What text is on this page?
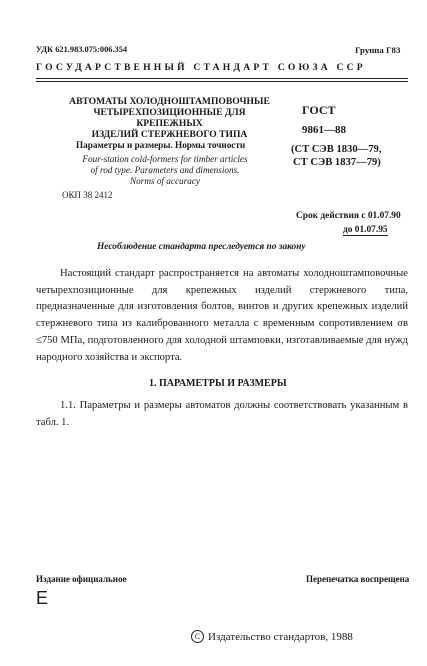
УДК 621.983.075:006.354	Группа Г83
ГОСУДАРСТВЕННЫЙ СТАНДАРТ СОЮЗА ССР
АВТОМАТЫ ХОЛОДНОШТАМПОВОЧНЫЕ
ЧЕТЫРЕХПОЗИЦИОННЫЕ ДЛЯ КРЕПЕЖНЫХ
ИЗДЕЛИЙ СТЕРЖНЕВОГО ТИПА
Параметры и размеры. Нормы точности
Four-station cold-formers for timber articles
of rod type. Parameters and dimensions.
Norms of accuracy
ОКП 38 2412
ГОСТ
9861—88
(СТ СЭВ 1830—79,
СТ СЭВ 1837—79)
Срок действия с 01.07.90
до 01.07.95
Несоблюдение стандарта преследуется по закону
Настоящий стандарт распространяется на автоматы холодноштамповочные четырехпозиционные для крепежных изделий стержневого типа, предназначенные для изготовления болтов, винтов и других крепежных изделий стержневого типа из калиброванного металла с временным сопротивлением σв ≤750 МПа, подготовленного для холодной штамповки, изготавливаемые для нужд народного хозяйства и экспорта.
1. ПАРАМЕТРЫ И РАЗМЕРЫ
1.1. Параметры и размеры автоматов должны соответствовать указанным в табл. 1.
Издание официальное	Перепечатка воспрещена
Е
С Издательство стандартов, 1988
